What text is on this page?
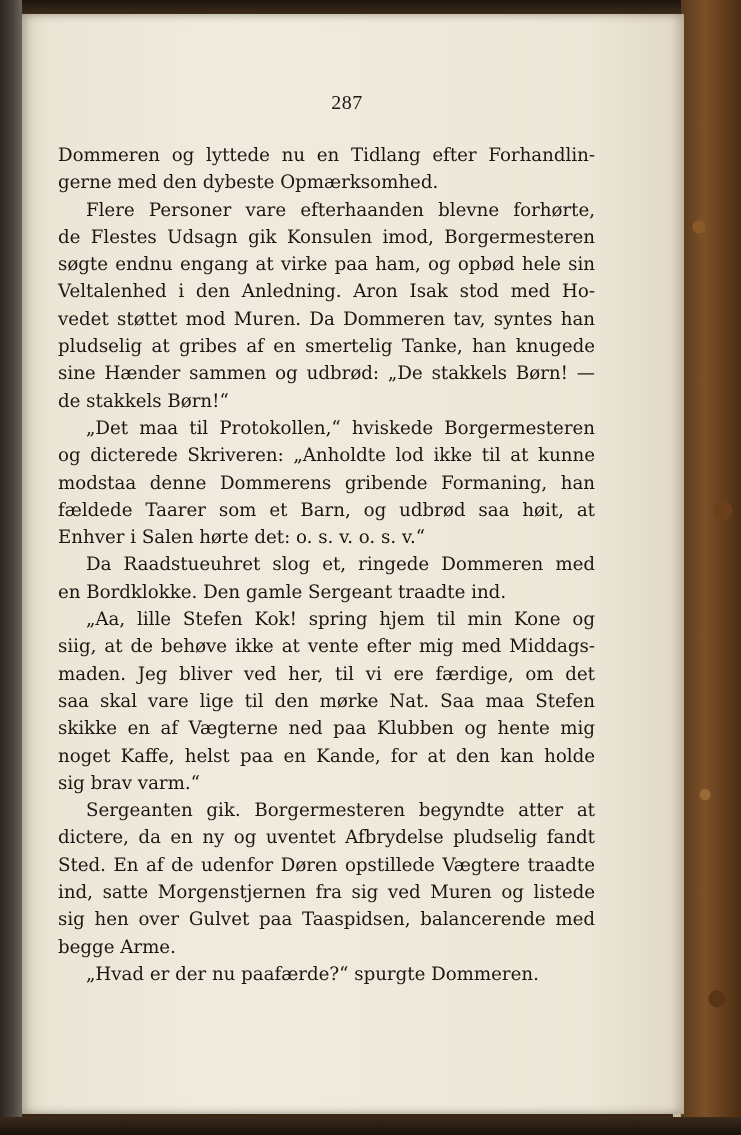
287
Dommeren og lyttede nu en Tidlang efter Forhandlin-
gerne med den dybeste Opmærksomhed.
Flere Personer vare efterhaanden blevne forhørte,
de Flestes Udsagn gik Konsulen imod, Borgermesteren
søgte endnu engang at virke paa ham, og opbød hele sin
Veltalenhed i den Anledning. Aron Isak stod med Ho-
vedet støttet mod Muren. Da Dommeren tav, syntes han
pludselig at gribes af en smertelig Tanke, han knugede
sine Hænder sammen og udbrød: „De stakkels Børn! —
de stakkels Børn!“
„Det maa til Protokollen,“ hviskede Borgermesteren
og dicterede Skriveren: „Anholdte lod ikke til at kunne
modstaa denne Dommerens gribende Formaning, han
fældede Taarer som et Barn, og udbrød saa høit, at
Enhver i Salen hørte det: o. s. v. o. s. v.“
Da Raadstueuhret slog et, ringede Dommeren med
en Bordklokke. Den gamle Sergeant traadte ind.
„Aa, lille Stefen Kok! spring hjem til min Kone og
siig, at de behøve ikke at vente efter mig med Middags-
maden. Jeg bliver ved her, til vi ere færdige, om det
saa skal vare lige til den mørke Nat. Saa maa Stefen
skikke en af Vægterne ned paa Klubben og hente mig
noget Kaffe, helst paa en Kande, for at den kan holde
sig brav varm.“
Sergeanten gik. Borgermesteren begyndte atter at
dictere, da en ny og uventet Afbrydelse pludselig fandt
Sted. En af de udenfor Døren opstillede Vægtere traadte
ind, satte Morgenstjernen fra sig ved Muren og listede
sig hen over Gulvet paa Taaspidsen, balancerende med
begge Arme.
„Hvad er der nu paafærde?“ spurgte Dommeren.
